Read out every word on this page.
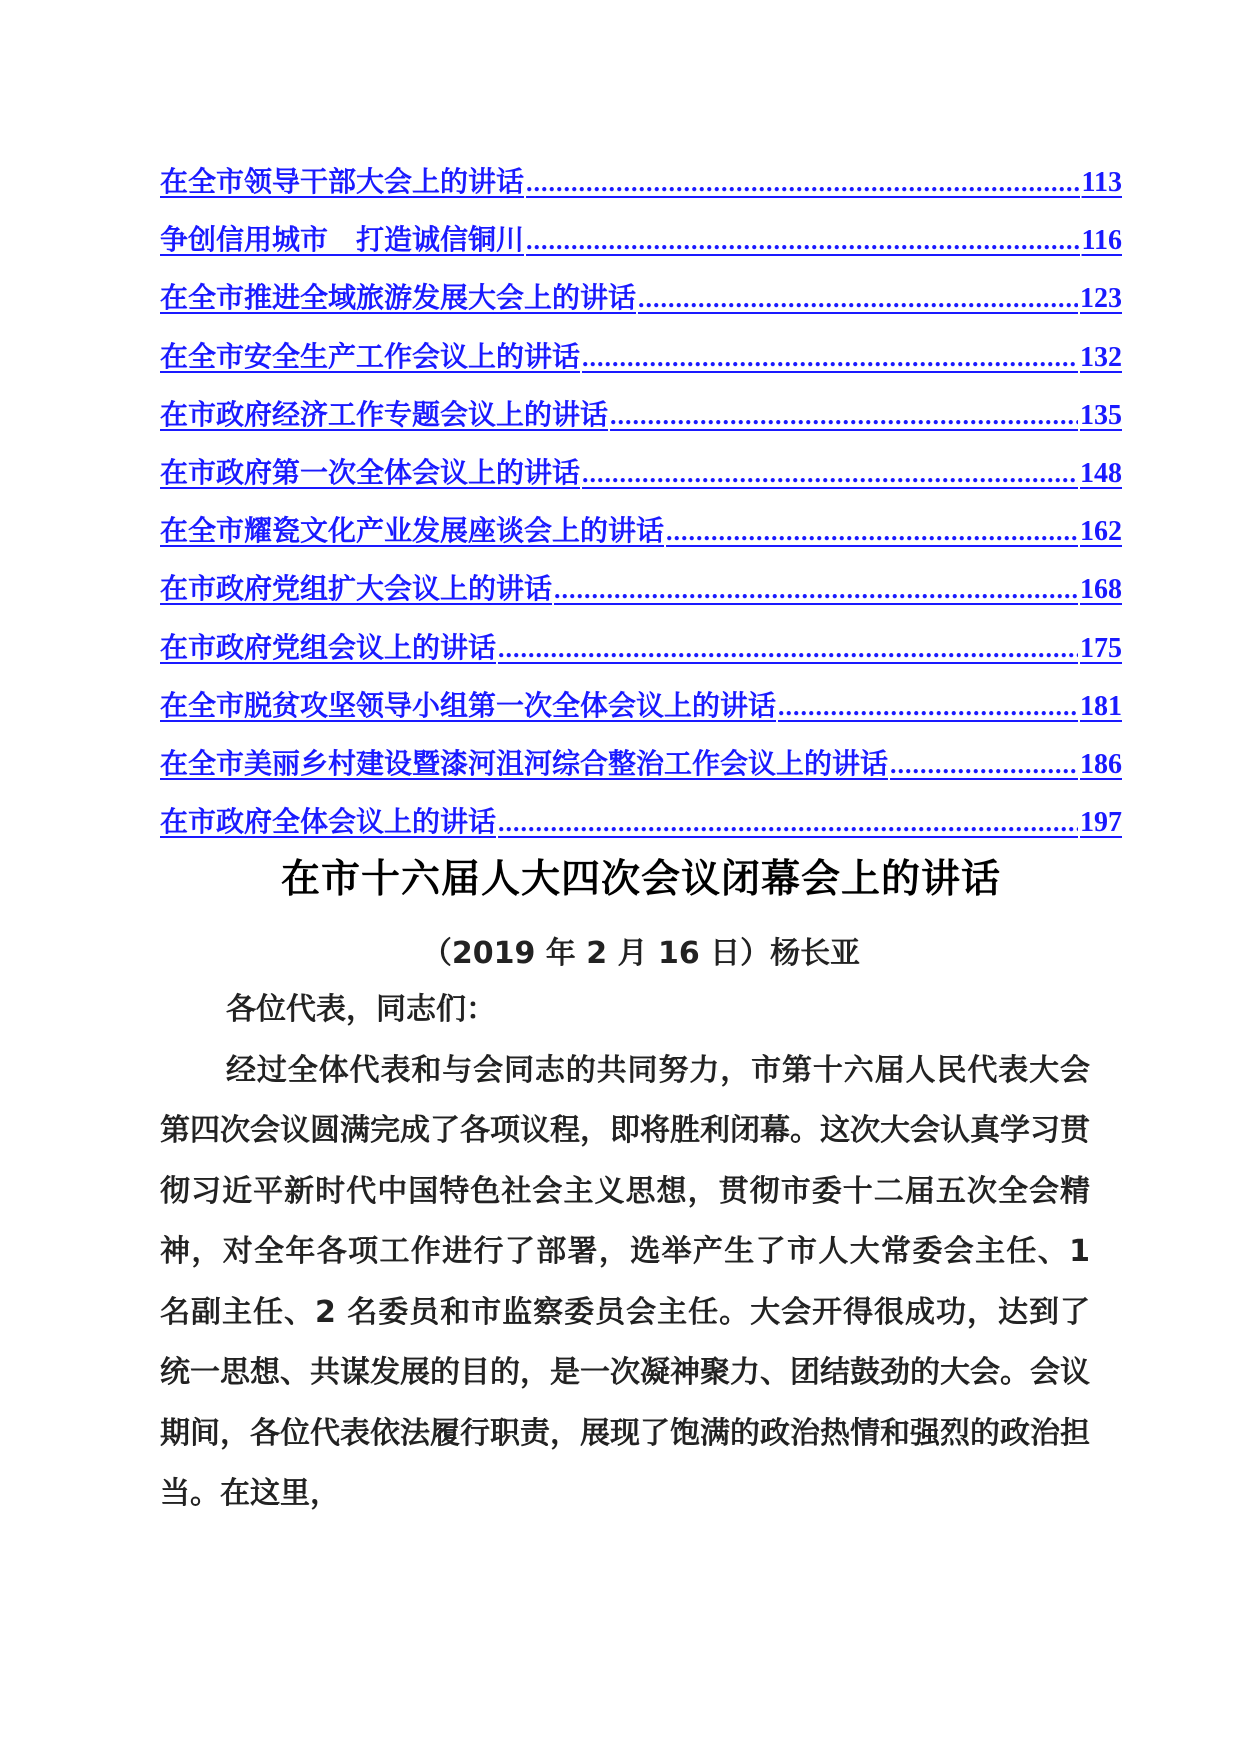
在全市领导干部大会上的讲话 .....	113
争创信用城市　打造诚信铜川 .....	116
在全市推进全域旅游发展大会上的讲话 .....	123
在全市安全生产工作会议上的讲话 .....	132
在市政府经济工作专题会议上的讲话 .....	135
在市政府第一次全体会议上的讲话 .....	148
在全市耀瓷文化产业发展座谈会上的讲话 .....	162
在市政府党组扩大会议上的讲话 .....	168
在市政府党组会议上的讲话 .....	175
在全市脱贫攻坚领导小组第一次全体会议上的讲话 .....	181
在全市美丽乡村建设暨漆河沮河综合整治工作会议上的讲话 .....	186
在市政府全体会议上的讲话 .....	197
在市十六届人大四次会议闭幕会上的讲话
（2019 年 2 月 16 日）杨长亚

各位代表，同志们：

经过全体代表和与会同志的共同努力，市第十六届人民代表大会第四次会议圆满完成了各项议程，即将胜利闭幕。这次大会认真学习贯彻习近平新时代中国特色社会主义思想，贯彻市委十二届五次全会精神，对全年各项工作进行了部署，选举产生了市人大常委会主任、1 名副主任、2 名委员和市监察委员会主任。大会开得很成功，达到了统一思想、共谋发展的目的，是一次凝神聚力、团结鼓劲的大会。会议期间，各位代表依法履行职责，展现了饱满的政治热情和强烈的政治担当。在这里，
